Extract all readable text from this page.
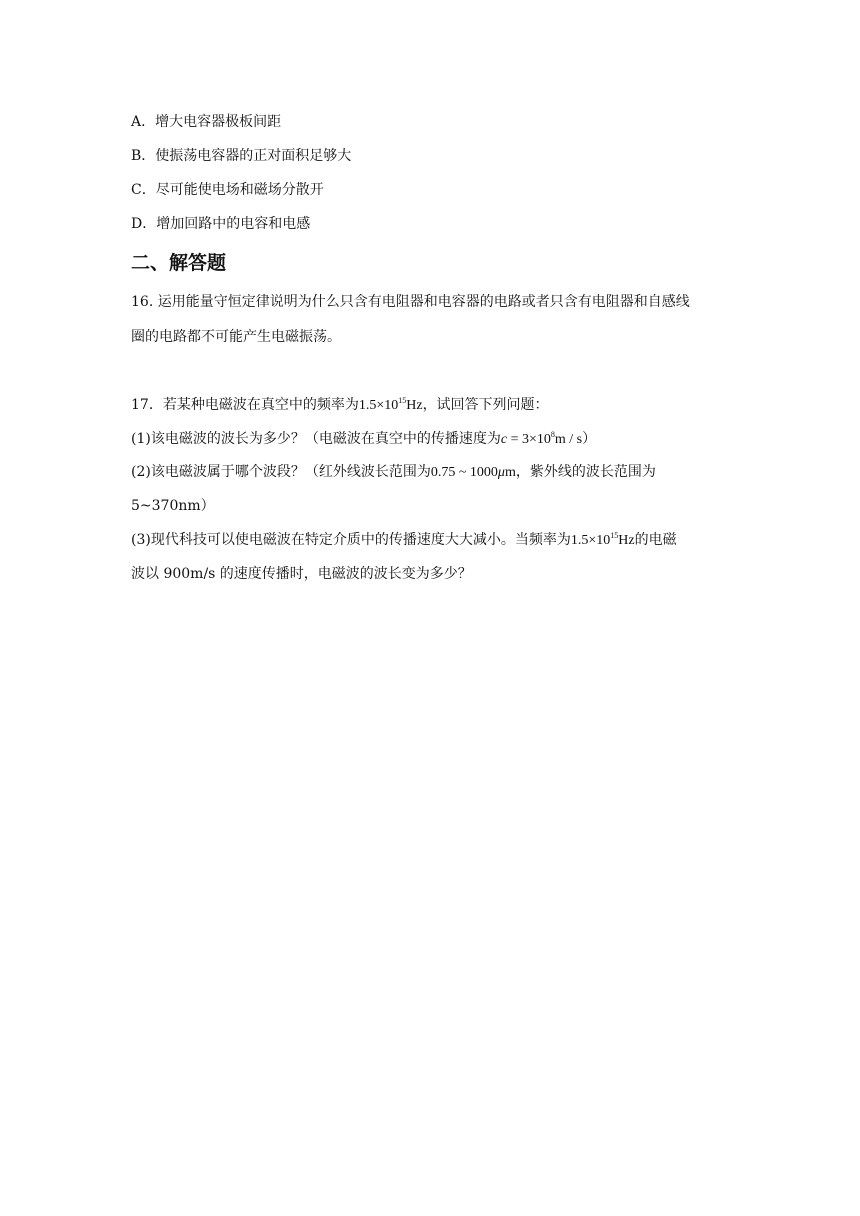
A．增大电容器极板间距

B．使振荡电容器的正对面积足够大

C．尽可能使电场和磁场分散开

D．增加回路中的电容和电感

二、解答题

16. 运用能量守恒定律说明为什么只含有电阻器和电容器的电路或者只含有电阻器和自感线

圈的电路都不可能产生电磁振荡。

17．若某种电磁波在真空中的频率为$1.5\times 10^{15}Hz$，试回答下列问题：

(1)该电磁波的波长为多少？（电磁波在真空中的传播速度为$c = 3\times 10^8m / s$）

(2)该电磁波属于哪个波段？（红外线波长范围为0.75 ~ 1000μm，紫外线的波长范围为

5~370nm）

(3)现代科技可以使电磁波在特定介质中的传播速度大大减小。当频率为$1.5\times 10^{15}Hz$的电磁

波以 900m/s 的速度传播时，电磁波的波长变为多少？
